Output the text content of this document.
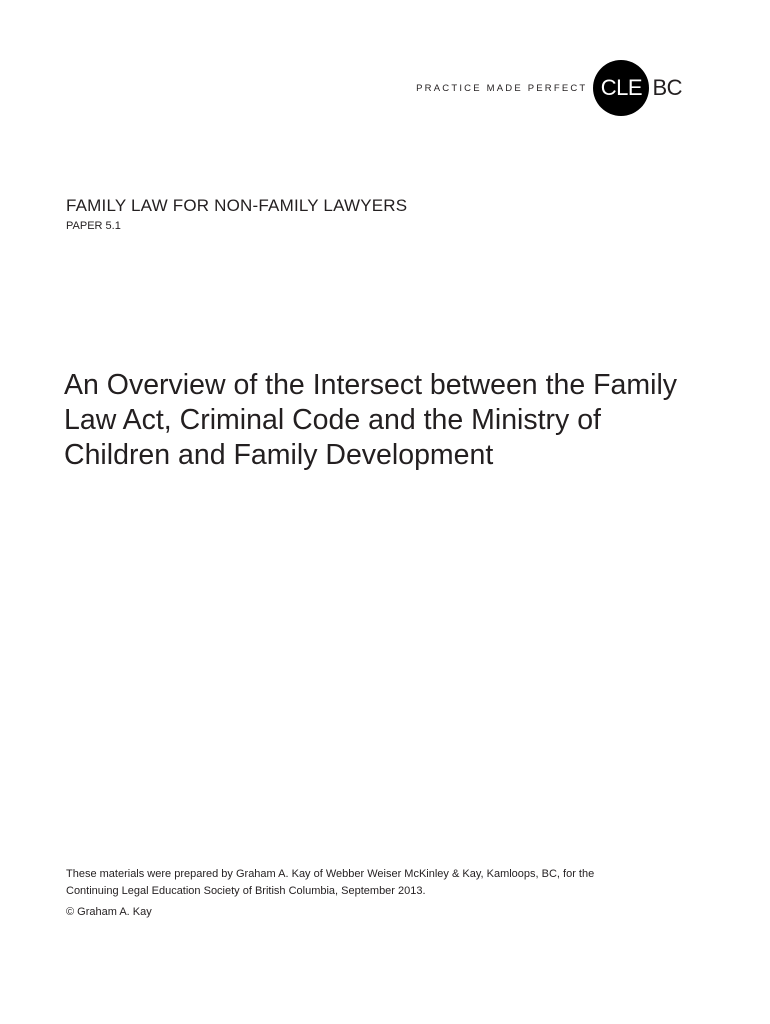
PRACTICE MADE PERFECT CLE BC
FAMILY LAW FOR NON-FAMILY LAWYERS
PAPER 5.1
An Overview of the Intersect between the Family
Law Act, Criminal Code and the Ministry of
Children and Family Development

These materials were prepared by Graham A. Kay of Webber Weiser McKinley & Kay, Kamloops, BC, for the
Continuing Legal Education Society of British Columbia, September 2013.

© Graham A. Kay
